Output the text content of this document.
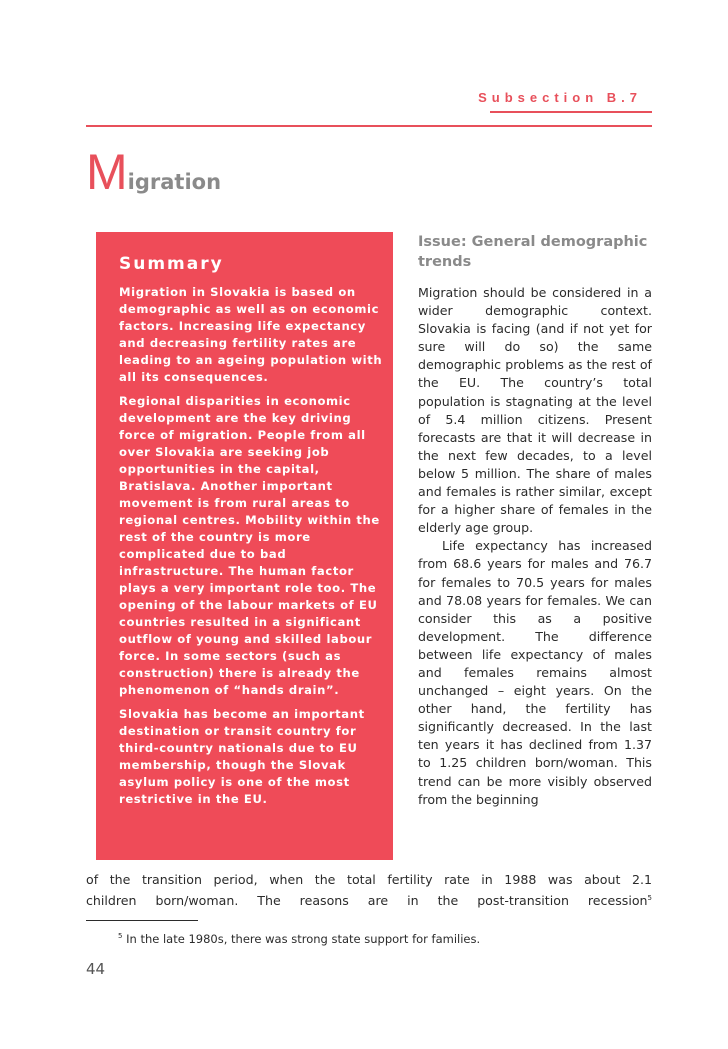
Subsection B.7
Migration
Summary

Migration in Slovakia is based on demographic as well as on economic factors. Increasing life expectancy and decreasing fertility rates are leading to an ageing population with all its consequences.

Regional disparities in economic development are the key driving force of migration. People from all over Slovakia are seeking job opportunities in the capital, Bratislava. Another important movement is from rural areas to regional centres. Mobility within the rest of the country is more complicated due to bad infrastructure. The human factor plays a very important role too. The opening of the labour markets of EU countries resulted in a significant outflow of young and skilled labour force. In some sectors (such as construction) there is already the phenomenon of “hands drain”.

Slovakia has become an important destination or transit country for third-country nationals due to EU membership, though the Slovak asylum policy is one of the most restrictive in the EU.

Issue: General demographic trends

Migration should be considered in a wider demographic context. Slovakia is facing (and if not yet for sure will do so) the same demographic problems as the rest of the EU. The country’s total population is stagnating at the level of 5.4 million citizens. Present forecasts are that it will decrease in the next few decades, to a level below 5 million. The share of males and females is rather similar, except for a higher share of females in the elderly age group.

Life expectancy has increased from 68.6 years for males and 76.7 for females to 70.5 years for males and 78.08 years for females. We can consider this as a positive development. The difference between life expectancy of males and females remains almost unchanged – eight years. On the other hand, the fertility has significantly decreased. In the last ten years it has declined from 1.37 to 1.25 children born/woman. This trend can be more visibly observed from the beginning

of the transition period, when the total fertility rate in 1988 was about 2.1
children born/woman. The reasons are in the post-transition recession$^5$
$^5$ In the late 1980s, there was strong state support for families.
44
